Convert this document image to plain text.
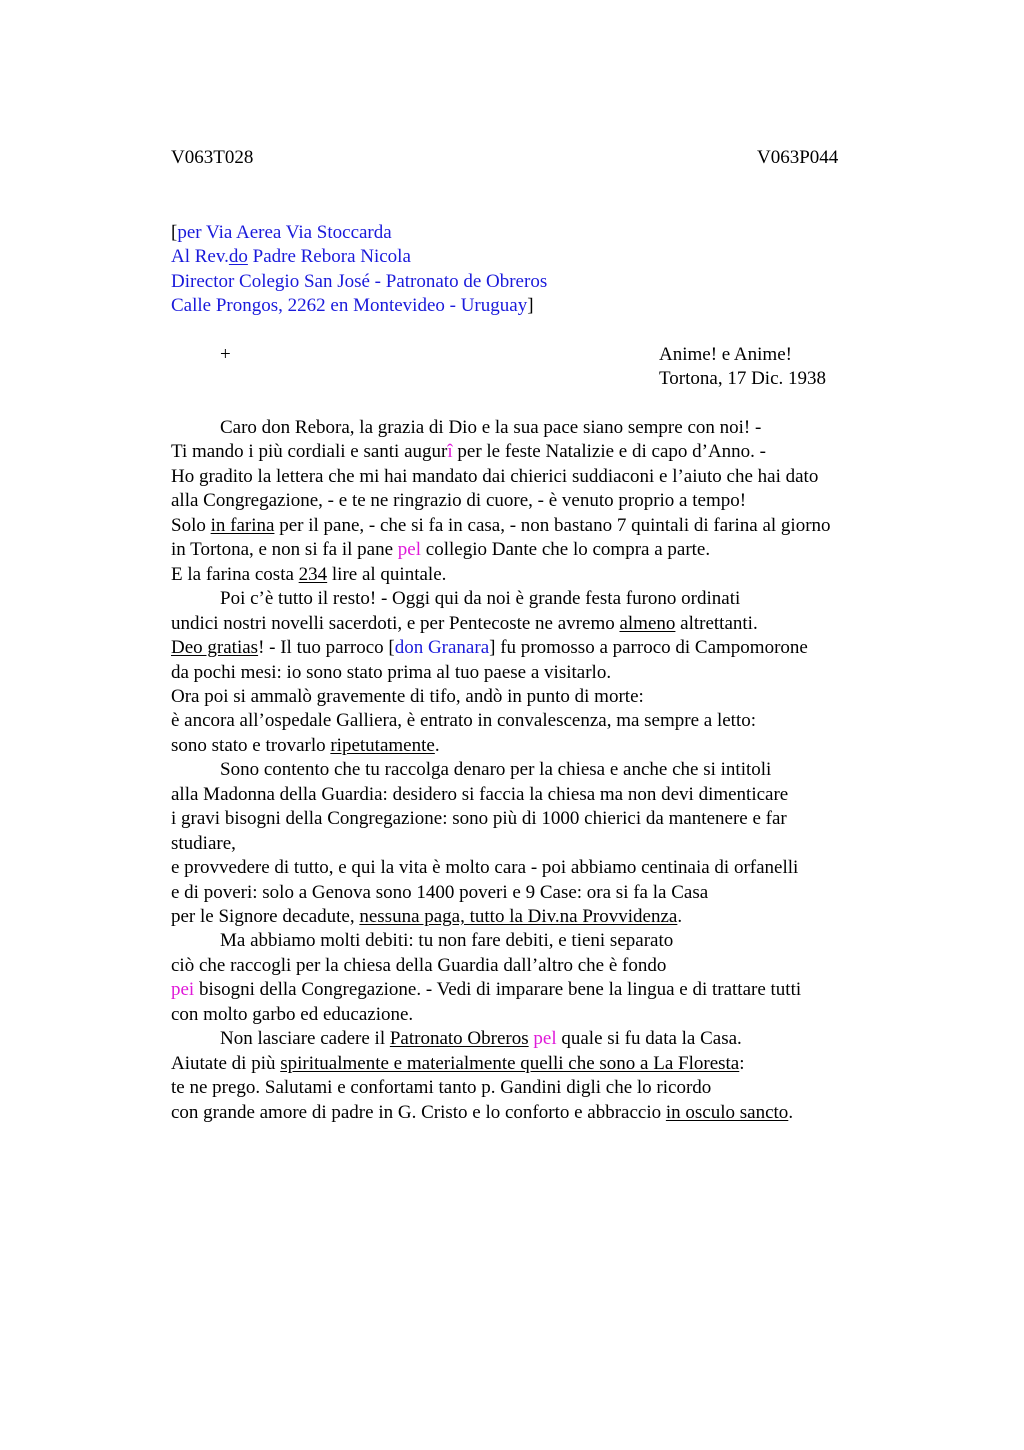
V063T028	V063P044
[per Via Aerea Via Stoccarda
Al Rev.do Padre Rebora Nicola
Director Colegio San José - Patronato de Obreros
Calle Prongos, 2262 en Montevideo - Uruguay]
+	Anime! e Anime!
Tortona, 17 Dic. 1938
Caro don Rebora, la grazia di Dio e la sua pace siano sempre con noi! -
Ti mando i più cordiali e santi augurî per le feste Natalizie e di capo d’Anno. -
Ho gradito la lettera che mi hai mandato dai chierici suddiaconi e l’aiuto che hai dato
alla Congregazione, - e te ne ringrazio di cuore, - è venuto proprio a tempo!
Solo in farina per il pane, - che si fa in casa, - non bastano 7 quintali di farina al giorno
in Tortona, e non si fa il pane pel collegio Dante che lo compra a parte.
E la farina costa 234 lire al quintale.
Poi c’è tutto il resto! - Oggi qui da noi è grande festa furono ordinati
undici nostri novelli sacerdoti, e per Pentecoste ne avremo almeno altrettanti.
Deo gratias! - Il tuo parroco [don Granara] fu promosso a parroco di Campomorone
da pochi mesi: io sono stato prima al tuo paese a visitarlo.
Ora poi si ammalò gravemente di tifo, andò in punto di morte:
è ancora all’ospedale Galliera, è entrato in convalescenza, ma sempre a letto:
sono stato e trovarlo ripetutamente.
Sono contento che tu raccolga denaro per la chiesa e anche che si intitoli
alla Madonna della Guardia: desidero si faccia la chiesa ma non devi dimenticare
i gravi bisogni della Congregazione: sono più di 1000 chierici da mantenere e far
studiare,
e provvedere di tutto, e qui la vita è molto cara - poi abbiamo centinaia di orfanelli
e di poveri: solo a Genova sono 1400 poveri e 9 Case: ora si fa la Casa
per le Signore decadute, nessuna paga, tutto la Div.na Provvidenza.
Ma abbiamo molti debiti: tu non fare debiti, e tieni separato
ciò che raccogli per la chiesa della Guardia dall’altro che è fondo
pei bisogni della Congregazione. - Vedi di imparare bene la lingua e di trattare tutti
con molto garbo ed educazione.
Non lasciare cadere il Patronato Obreros pel quale si fu data la Casa.
Aiutate di più spiritualmente e materialmente quelli che sono a La Floresta:
te ne prego. Salutami e confortami tanto p. Gandini digli che lo ricordo
con grande amore di padre in G. Cristo e lo conforto e abbraccio in osculo sancto.
